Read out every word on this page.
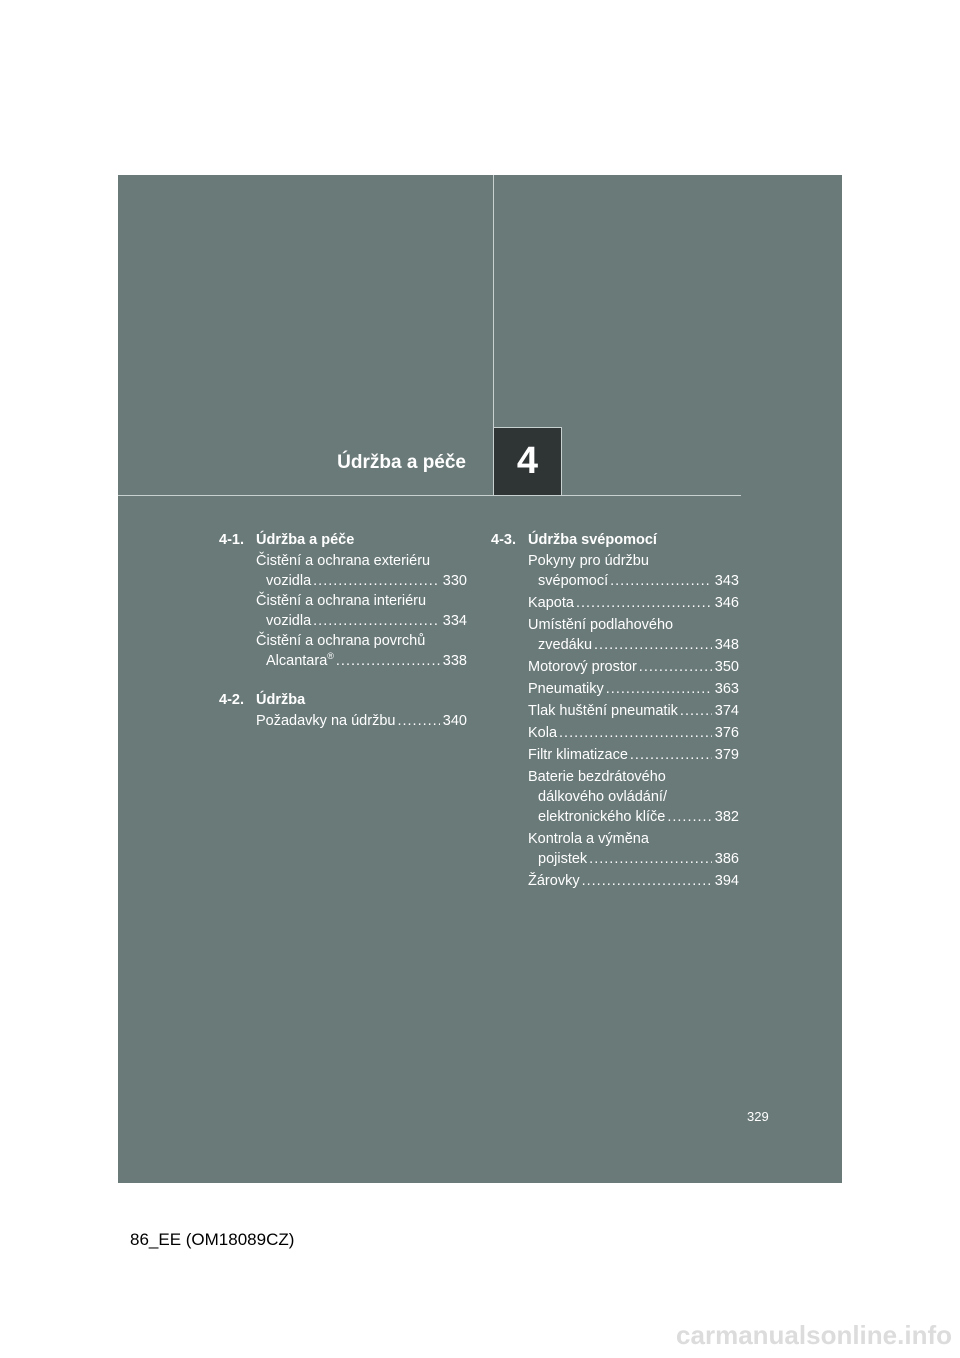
Údržba a péče 4
4-1. Údržba a péče
Čistění a ochrana exteriéru
vozidla .....	330
Čistění a ochrana interiéru
vozidla .....	334
Čistění a ochrana povrchů
Alcantara® .....	338
4-2. Údržba
Požadavky na údržbu .....	340
4-3. Údržba svépomocí
Pokyny pro údržbu
svépomocí .....	343
Kapota .....	346
Umístění podlahového
zvedáku .....	348
Motorový prostor .....	350
Pneumatiky .....	363
Tlak huštění pneumatik .....	374
Kola .....	376
Filtr klimatizace .....	379
Baterie bezdrátového
dálkového ovládání/
elektronického klíče .....	382
Kontrola a výměna
pojistek .....	386
Žárovky .....	394
329
86_EE (OM18089CZ)
carmanualsonline.info
